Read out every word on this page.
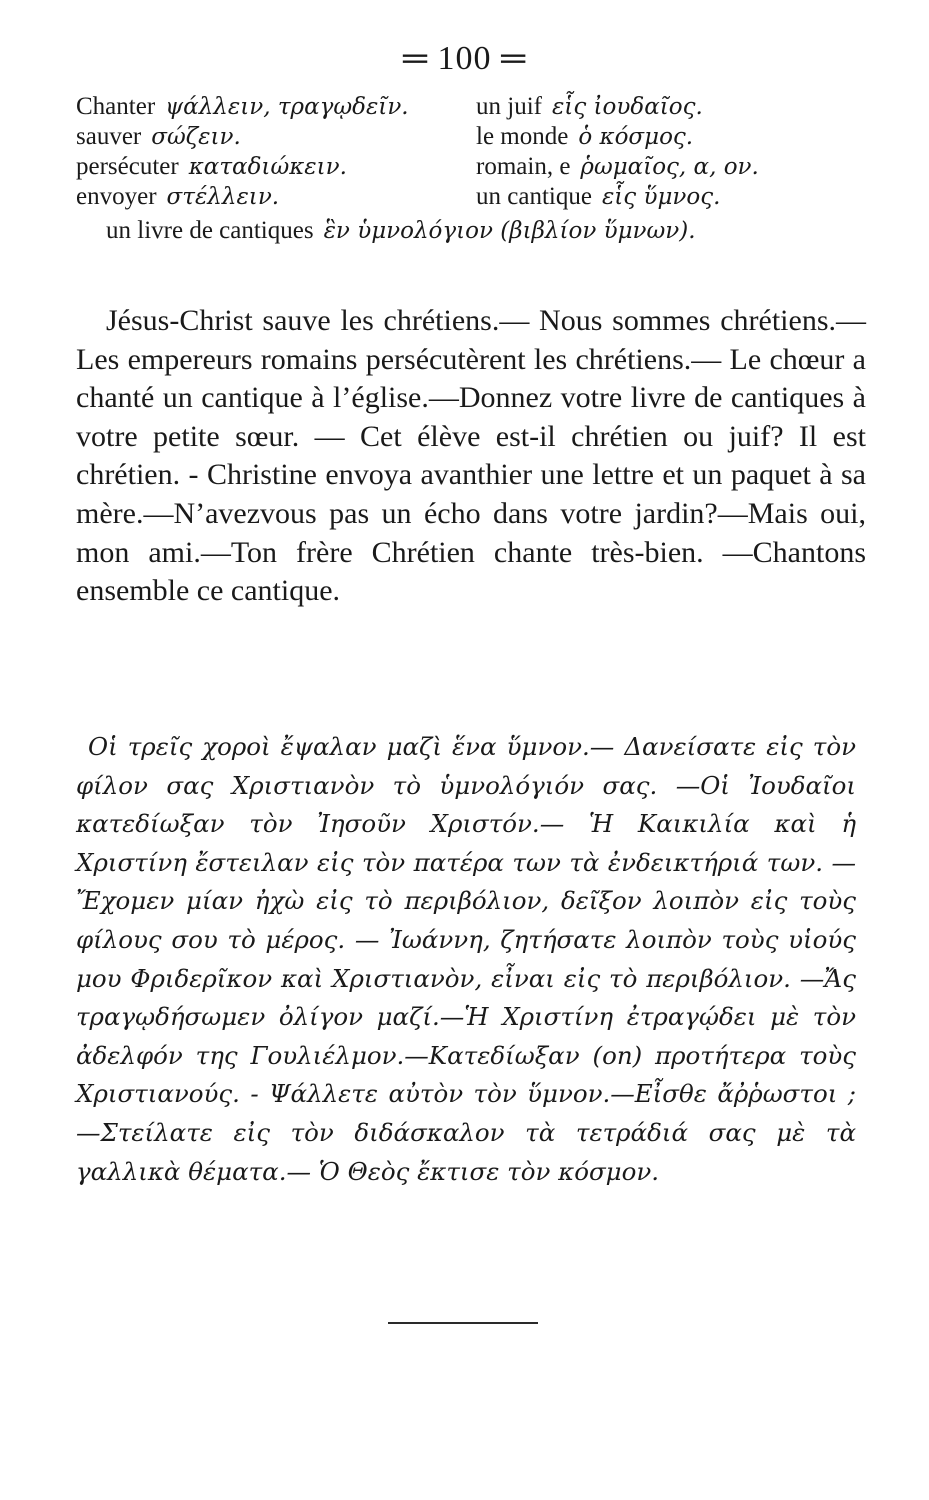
═ 100 ═
Chanter ψάλλειν, τραγῳδεῖν.	un juif εἷς ἰουδαῖος.
sauver σώζειν.	le monde ὁ κόσμος.
persécuter καταδιώκειν.	romain, e ῥωμαῖος, α, ον.
envoyer στέλλειν.	un cantique εἷς ὕμνος.
un livre de cantiques ἓν ὑμνολόγιον (βιβλίον ὕμνων).

Jésus-Christ sauve les chrétiens.— Nous sommes chrétiens.— Les empereurs romains persécutèrent les chrétiens.— Le chœur a chanté un cantique à l’église.—Donnez votre livre de cantiques à votre petite sœur. — Cet élève est-il chrétien ou juif? Il est chrétien. - Christine envoya avanthier une lettre et un paquet à sa mère.—N’avezvous pas un écho dans votre jardin?—Mais oui, mon ami.—Ton frère Chrétien chante très-bien. —Chantons ensemble ce cantique.

Οἱ τρεῖς χοροὶ ἔψαλαν μαζὶ ἕνα ὕμνον.— Δανείσατε εἰς τὸν φίλον σας Χριστιανὸν τὸ ὑμνολόγιόν σας. —Οἱ Ἰουδαῖοι κατεδίωξαν τὸν Ἰησοῦν Χριστόν.— Ἡ Καικιλία καὶ ἡ Χριστίνη ἔστειλαν εἰς τὸν πατέρα των τὰ ἐνδεικτήριά των. —Ἔχομεν μίαν ἠχὼ εἰς τὸ περιβόλιον, δεῖξον λοιπὸν εἰς τοὺς φίλους σου τὸ μέρος. — Ἰωάννη, ζητήσατε λοιπὸν τοὺς υἱούς μου Φριδερῖκον καὶ Χριστιανὸν, εἶναι εἰς τὸ περιβόλιον. —Ἄς τραγῳδήσωμεν ὀλίγον μαζί.—Ἡ Χριστίνη ἐτραγῴδει μὲ τὸν ἀδελφόν της Γουλιέλμον.—Κατεδίωξαν (on) προτήτερα τοὺς Χριστιανούς. - Ψάλλετε αὐτὸν τὸν ὕμνον.—Εἶσθε ἄῤῥωστοι ;—Στείλατε εἰς τὸν διδάσκαλον τὰ τετράδιά σας μὲ τὰ γαλλικὰ θέματα.— Ὁ Θεὸς ἔκτισε τὸν κόσμον.
